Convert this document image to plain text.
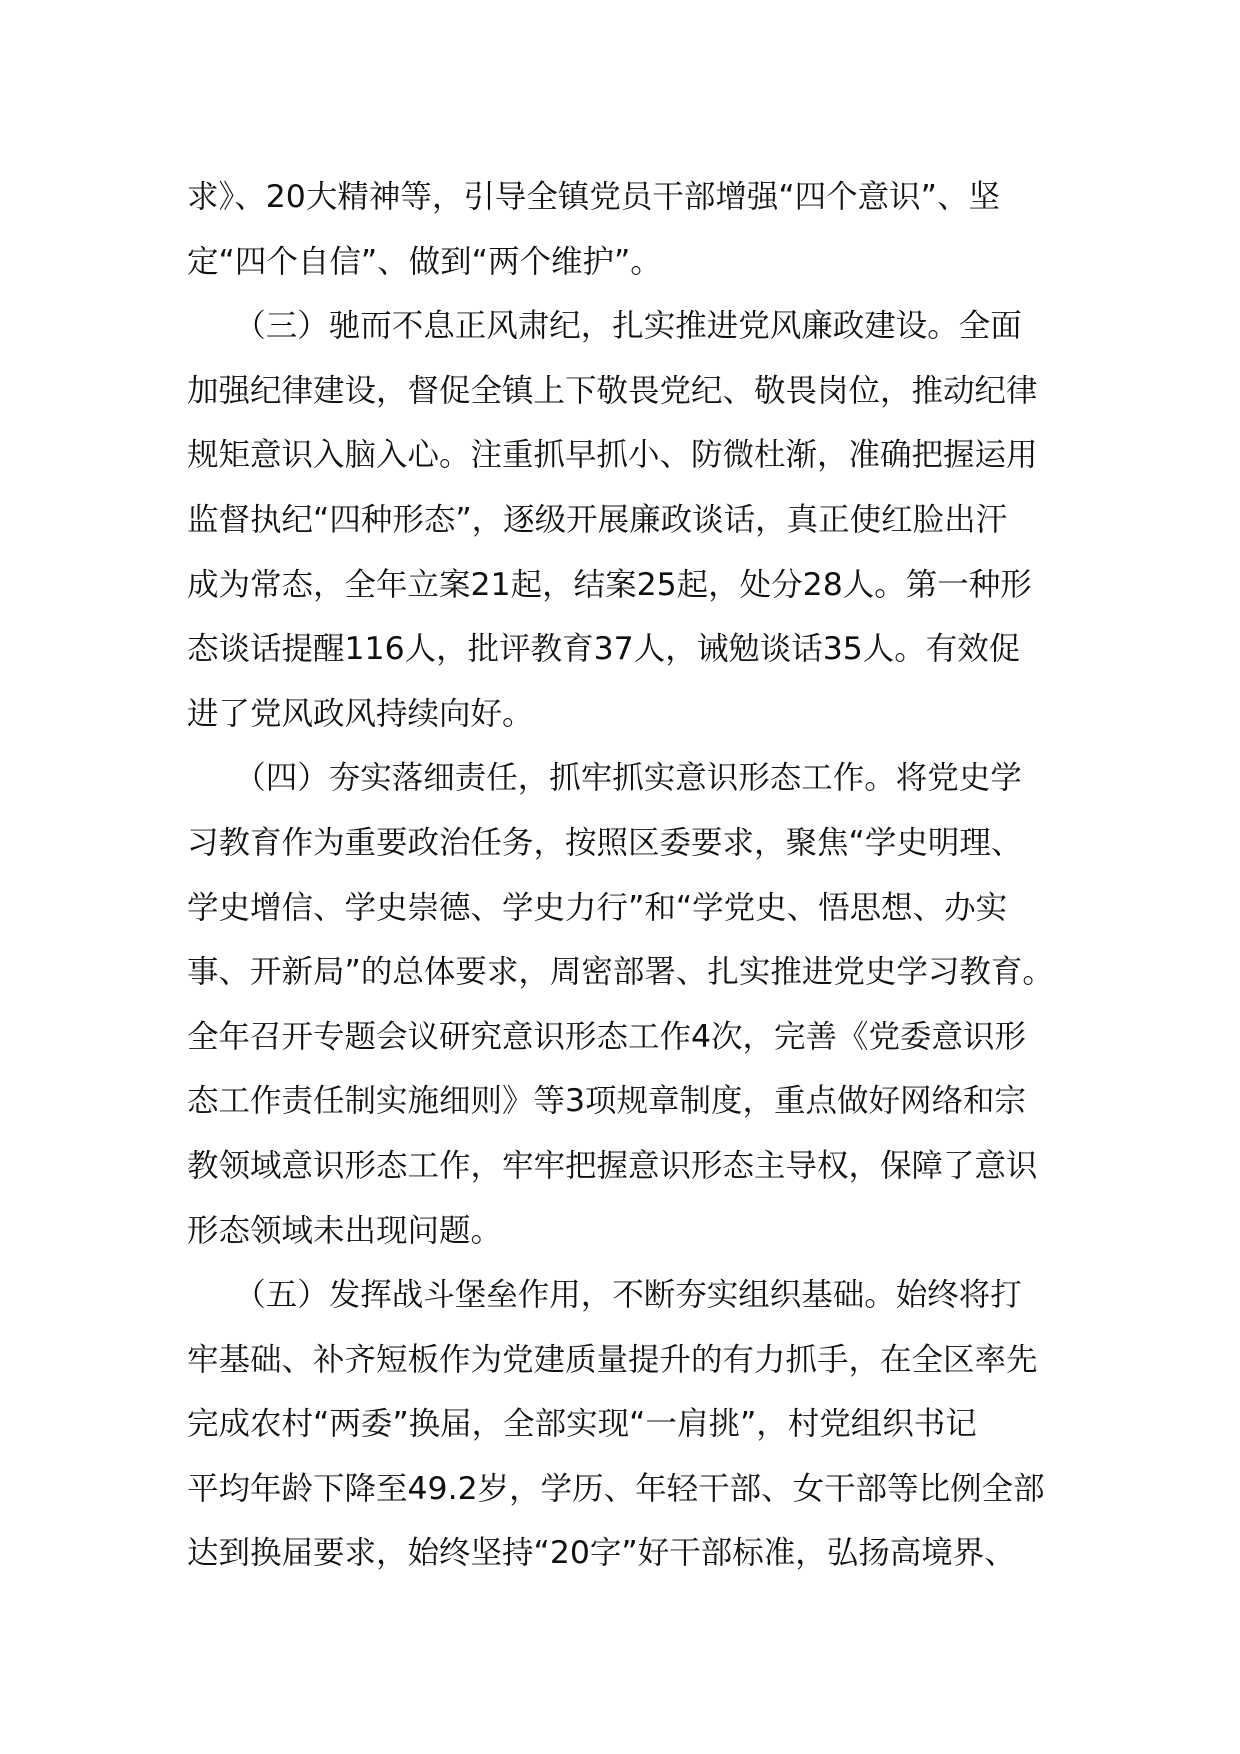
求》、20大精神等，引导全镇党员干部增强“四个意识”、坚
定“四个自信”、做到“两个维护”。
　　（三）驰而不息正风肃纪，扎实推进党风廉政建设。全面
加强纪律建设，督促全镇上下敬畏党纪、敬畏岗位，推动纪律
规矩意识入脑入心。注重抓早抓小、防微杜渐，准确把握运用
监督执纪“四种形态”，逐级开展廉政谈话，真正使红脸出汗
成为常态，全年立案21起，结案25起，处分28人。第一种形
态谈话提醒116人，批评教育37人，诫勉谈话35人。有效促
进了党风政风持续向好。
　　（四）夯实落细责任，抓牢抓实意识形态工作。将党史学
习教育作为重要政治任务，按照区委要求，聚焦“学史明理、
学史增信、学史崇德、学史力行”和“学党史、悟思想、办实
事、开新局”的总体要求，周密部署、扎实推进党史学习教育。
全年召开专题会议研究意识形态工作4次，完善《党委意识形
态工作责任制实施细则》等3项规章制度，重点做好网络和宗
教领域意识形态工作，牢牢把握意识形态主导权，保障了意识
形态领域未出现问题。
　　（五）发挥战斗堡垒作用，不断夯实组织基础。始终将打
牢基础、补齐短板作为党建质量提升的有力抓手，在全区率先
完成农村“两委”换届，全部实现“一肩挑”，村党组织书记
平均年龄下降至49.2岁，学历、年轻干部、女干部等比例全部
达到换届要求，始终坚持“20字”好干部标准，弘扬高境界、
